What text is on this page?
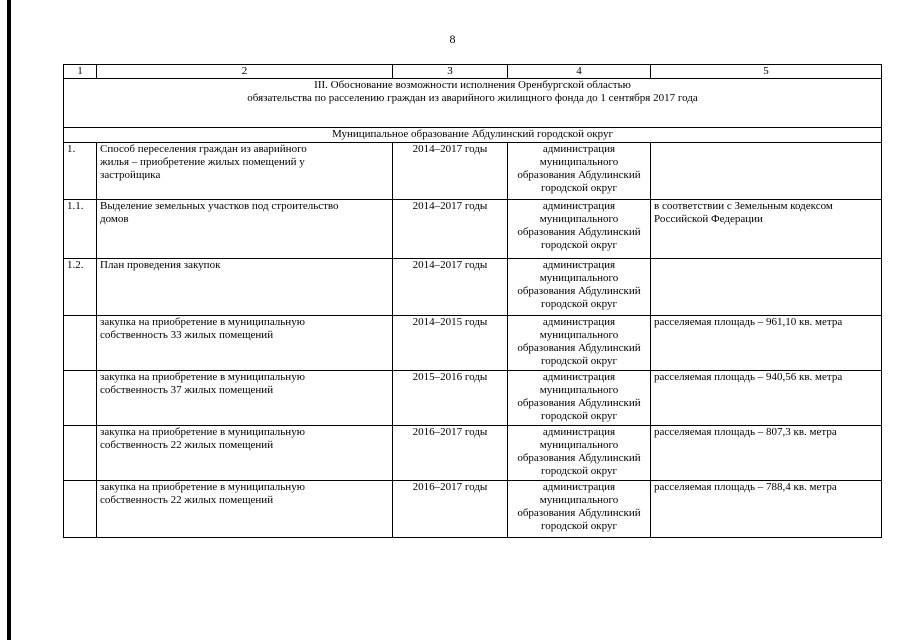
8
1	2	3	4	5
III. Обоснование возможности исполнения Оренбургской областью
обязательства по расселению граждан из аварийного жилищного фонда до 1 сентября 2017 года				
Муниципальное образование Абдулинский городской округ				
1.	Способ переселения граждан из аварийного
жилья – приобретение жилых помещений у
застройщика	2014–2017 годы	администрация
муниципального
образования Абдулинский
городской округ	
1.1.	Выделение земельных участков под строительство
домов	2014–2017 годы	администрация
муниципального
образования Абдулинский
городской округ	в соответствии с Земельным кодексом
Российской Федерации
1.2.	План проведения закупок	2014–2017 годы	администрация
муниципального
образования Абдулинский
городской округ	
	закупка на приобретение в муниципальную
собственность 33 жилых помещений	2014–2015 годы	администрация
муниципального
образования Абдулинский
городской округ	расселяемая площадь – 961,10 кв. метра
	закупка на приобретение в муниципальную
собственность 37 жилых помещений	2015–2016 годы	администрация
муниципального
образования Абдулинский
городской округ	расселяемая площадь – 940,56 кв. метра
	закупка на приобретение в муниципальную
собственность 22 жилых помещений	2016–2017 годы	администрация
муниципального
образования Абдулинский
городской округ	расселяемая площадь – 807,3 кв. метра
	закупка на приобретение в муниципальную
собственность 22 жилых помещений	2016–2017 годы	администрация
муниципального
образования Абдулинский
городской округ	расселяемая площадь – 788,4 кв. метра
